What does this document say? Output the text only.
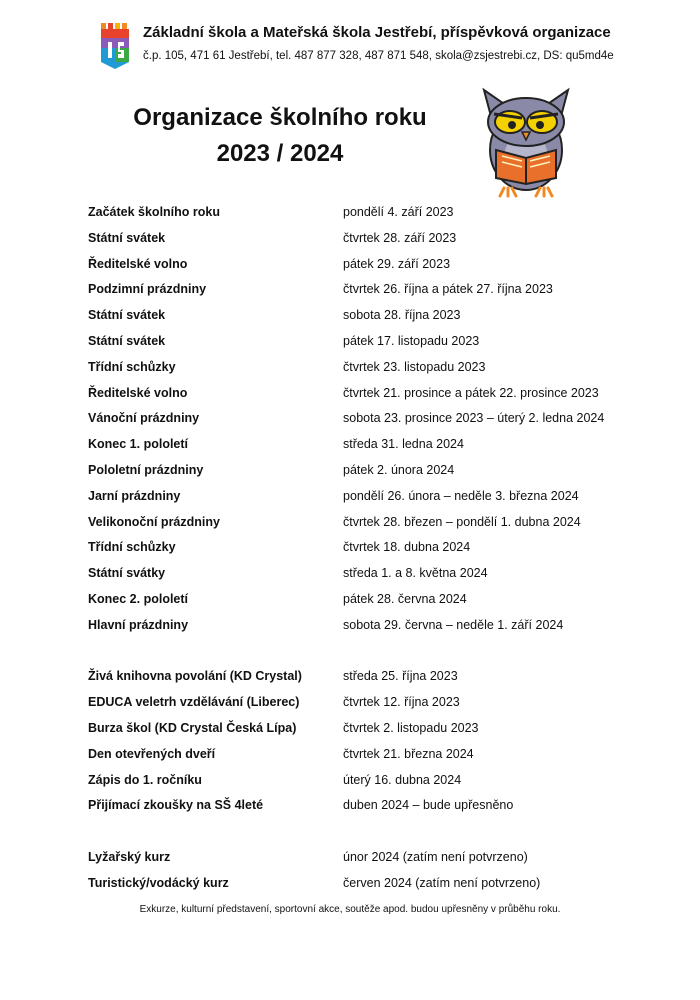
Základní škola a Mateřská škola Jestřebí, příspěvková organizace
č.p. 105, 471 61 Jestřebí, tel. 487 877 328, 487 871 548, skola@zsjestrebi.cz, DS: qu5md4e
Organizace školního roku
2023 / 2024
Začátek školního roku	pondělí 4. září 2023
Státní svátek	čtvrtek 28. září 2023
Ředitelské volno	pátek 29. září 2023
Podzimní prázdniny	čtvrtek 26. října a pátek 27. října 2023
Státní svátek	sobota 28. října 2023
Státní svátek	pátek 17. listopadu 2023
Třídní schůzky	čtvrtek 23. listopadu 2023
Ředitelské volno	čtvrtek 21. prosince a pátek 22. prosince 2023
Vánoční prázdniny	sobota 23. prosince 2023 – úterý 2. ledna 2024
Konec 1. pololetí	středa 31. ledna 2024
Pololetní prázdniny	pátek 2. února 2024
Jarní prázdniny	pondělí 26. února – neděle 3. března 2024
Velikonoční prázdniny	čtvrtek 28. březen – pondělí 1. dubna 2024
Třídní schůzky	čtvrtek 18. dubna 2024
Státní svátky	středa 1. a 8. května 2024
Konec 2. pololetí	pátek 28. června 2024
Hlavní prázdniny	sobota 29. června – neděle 1. září 2024
Živá knihovna povolání (KD Crystal)	středa 25. října 2023
EDUCA veletrh vzdělávání (Liberec)	čtvrtek 12. října 2023
Burza škol (KD Crystal Česká Lípa)	čtvrtek 2. listopadu 2023
Den otevřených dveří	čtvrtek 21. března 2024
Zápis do 1. ročníku	úterý 16. dubna 2024
Přijímací zkoušky na SŠ 4leté	duben 2024 – bude upřesněno
Lyžařský kurz	únor 2024 (zatím není potvrzeno)
Turistický/vodácký kurz	červen 2024 (zatím není potvrzeno)
Exkurze, kulturní představení, sportovní akce, soutěže apod. budou upřesněny v průběhu roku.
